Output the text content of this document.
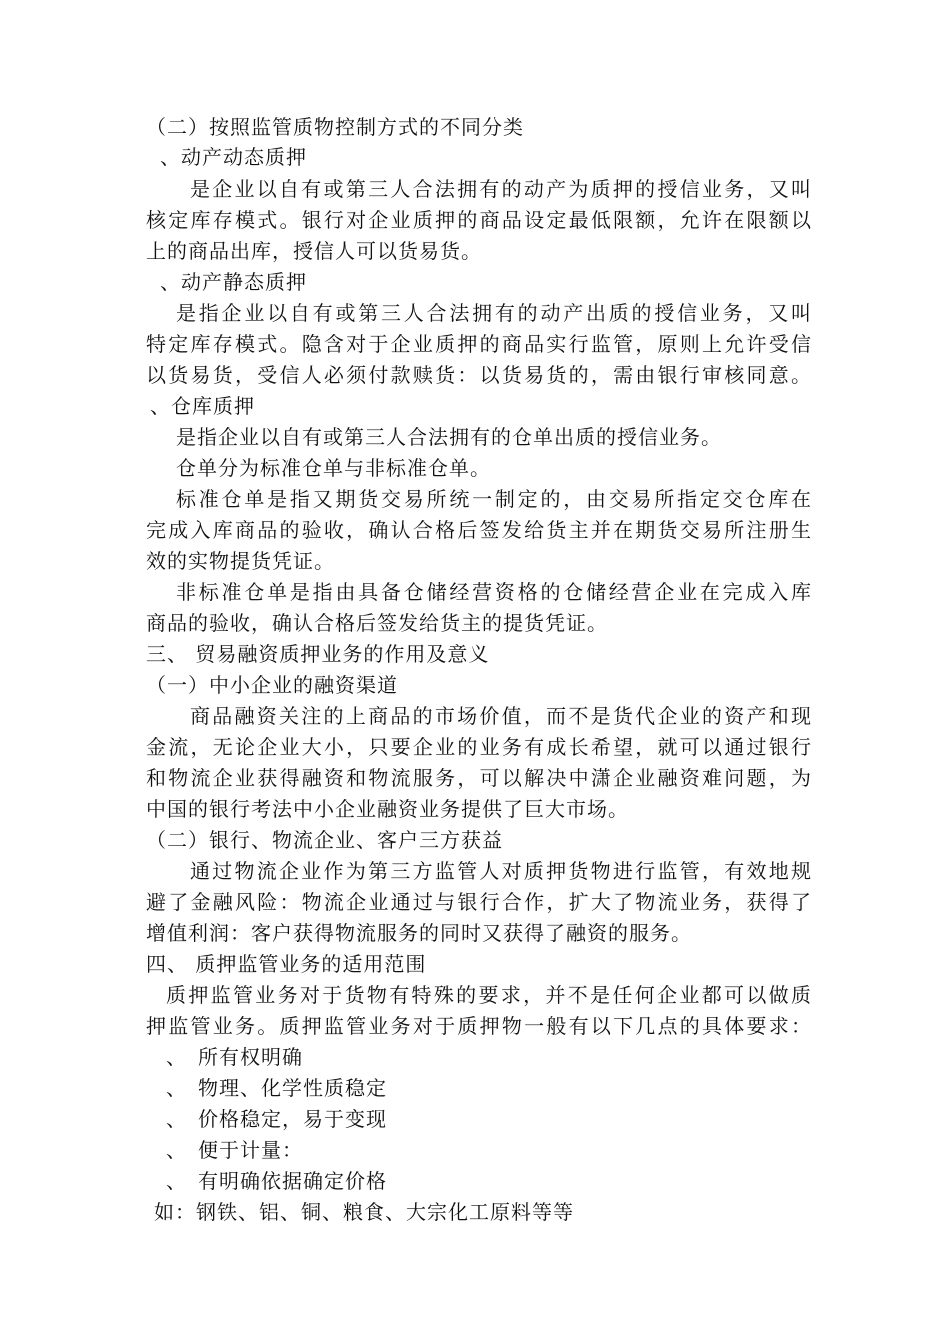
（二）按照监管质物控制方式的不同分类
、动产动态质押
是企业以自有或第三人合法拥有的动产为质押的授信业务，又叫
核定库存模式。银行对企业质押的商品设定最低限额，允许在限额以
上的商品出库，授信人可以货易货。
、动产静态质押
是指企业以自有或第三人合法拥有的动产出质的授信业务，又叫
特定库存模式。隐含对于企业质押的商品实行监管，原则上允许受信
以货易货，受信人必须付款赎货：以货易货的，需由银行审核同意。
、仓库质押
是指企业以自有或第三人合法拥有的仓单出质的授信业务。
仓单分为标准仓单与非标准仓单。
标准仓单是指又期货交易所统一制定的，由交易所指定交仓库在
完成入库商品的验收，确认合格后签发给货主并在期货交易所注册生
效的实物提货凭证。
非标准仓单是指由具备仓储经营资格的仓储经营企业在完成入库
商品的验收，确认合格后签发给货主的提货凭证。
三、 贸易融资质押业务的作用及意义
（一）中小企业的融资渠道
商品融资关注的上商品的市场价值，而不是货代企业的资产和现
金流，无论企业大小，只要企业的业务有成长希望，就可以通过银行
和物流企业获得融资和物流服务，可以解决中潇企业融资难问题，为
中国的银行考法中小企业融资业务提供了巨大市场。
（二）银行、物流企业、客户三方获益
通过物流企业作为第三方监管人对质押货物进行监管，有效地规
避了金融风险：物流企业通过与银行合作，扩大了物流业务，获得了
增值利润：客户获得物流服务的同时又获得了融资的服务。
四、 质押监管业务的适用范围
质押监管业务对于货物有特殊的要求，并不是任何企业都可以做质
押监管业务。质押监管业务对于质押物一般有以下几点的具体要求：
、　所有权明确
、　物理、化学性质稳定
、　价格稳定，易于变现
、　便于计量：
、　有明确依据确定价格
如：钢铁、铝、铜、粮食、大宗化工原料等等
